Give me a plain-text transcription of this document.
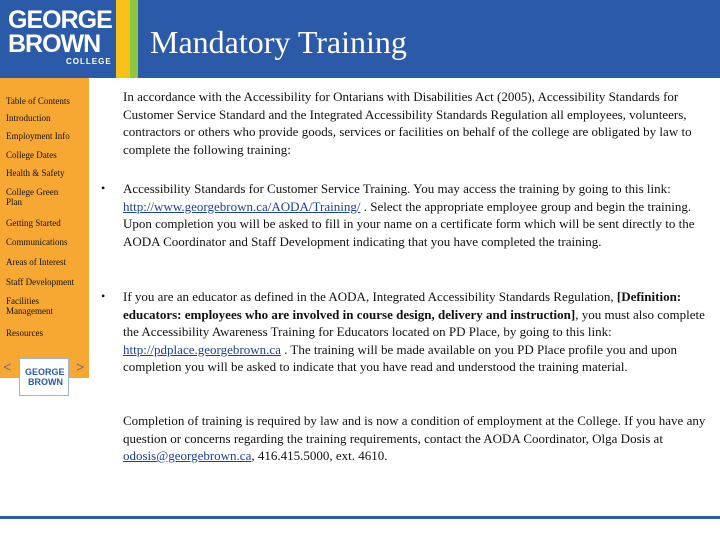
GEORGE
BROWN
COLLEGE
Mandatory Training
Table of Contents
Introduction
Employment Info
College Dates
Health & Safety
College Green Plan
Getting Started
Communications
Areas of Interest
Staff Development
Facilities Management
Resources
< GEORGE
BROWN
>
In accordance with the Accessibility for Ontarians with Disabilities Act (2005), Accessibility Standards for Customer Service Standard and the Integrated Accessibility Standards Regulation all employees, volunteers, contractors or others who provide goods, services or facilities on behalf of the college are obligated by law to complete the following training:
• Accessibility Standards for Customer Service Training. You may access the training by going to this link: http://www.georgebrown.ca/AODA/Training/ . Select the appropriate employee group and begin the training. Upon completion you will be asked to fill in your name on a certificate form which will be sent directly to the AODA Coordinator and Staff Development indicating that you have completed the training.
• If you are an educator as defined in the AODA, Integrated Accessibility Standards Regulation, [Definition: educators: employees who are involved in course design, delivery and instruction], you must also complete the Accessibility Awareness Training for Educators located on PD Place, by going to this link: http://pdplace.georgebrown.ca . The training will be made available on you PD Place profile you and upon completion you will be asked to indicate that you have read and understood the training material.
Completion of training is required by law and is now a condition of employment at the College. If you have any question or concerns regarding the training requirements, contact the AODA Coordinator, Olga Dosis at odosis@georgebrown.ca, 416.415.5000, ext. 4610.
